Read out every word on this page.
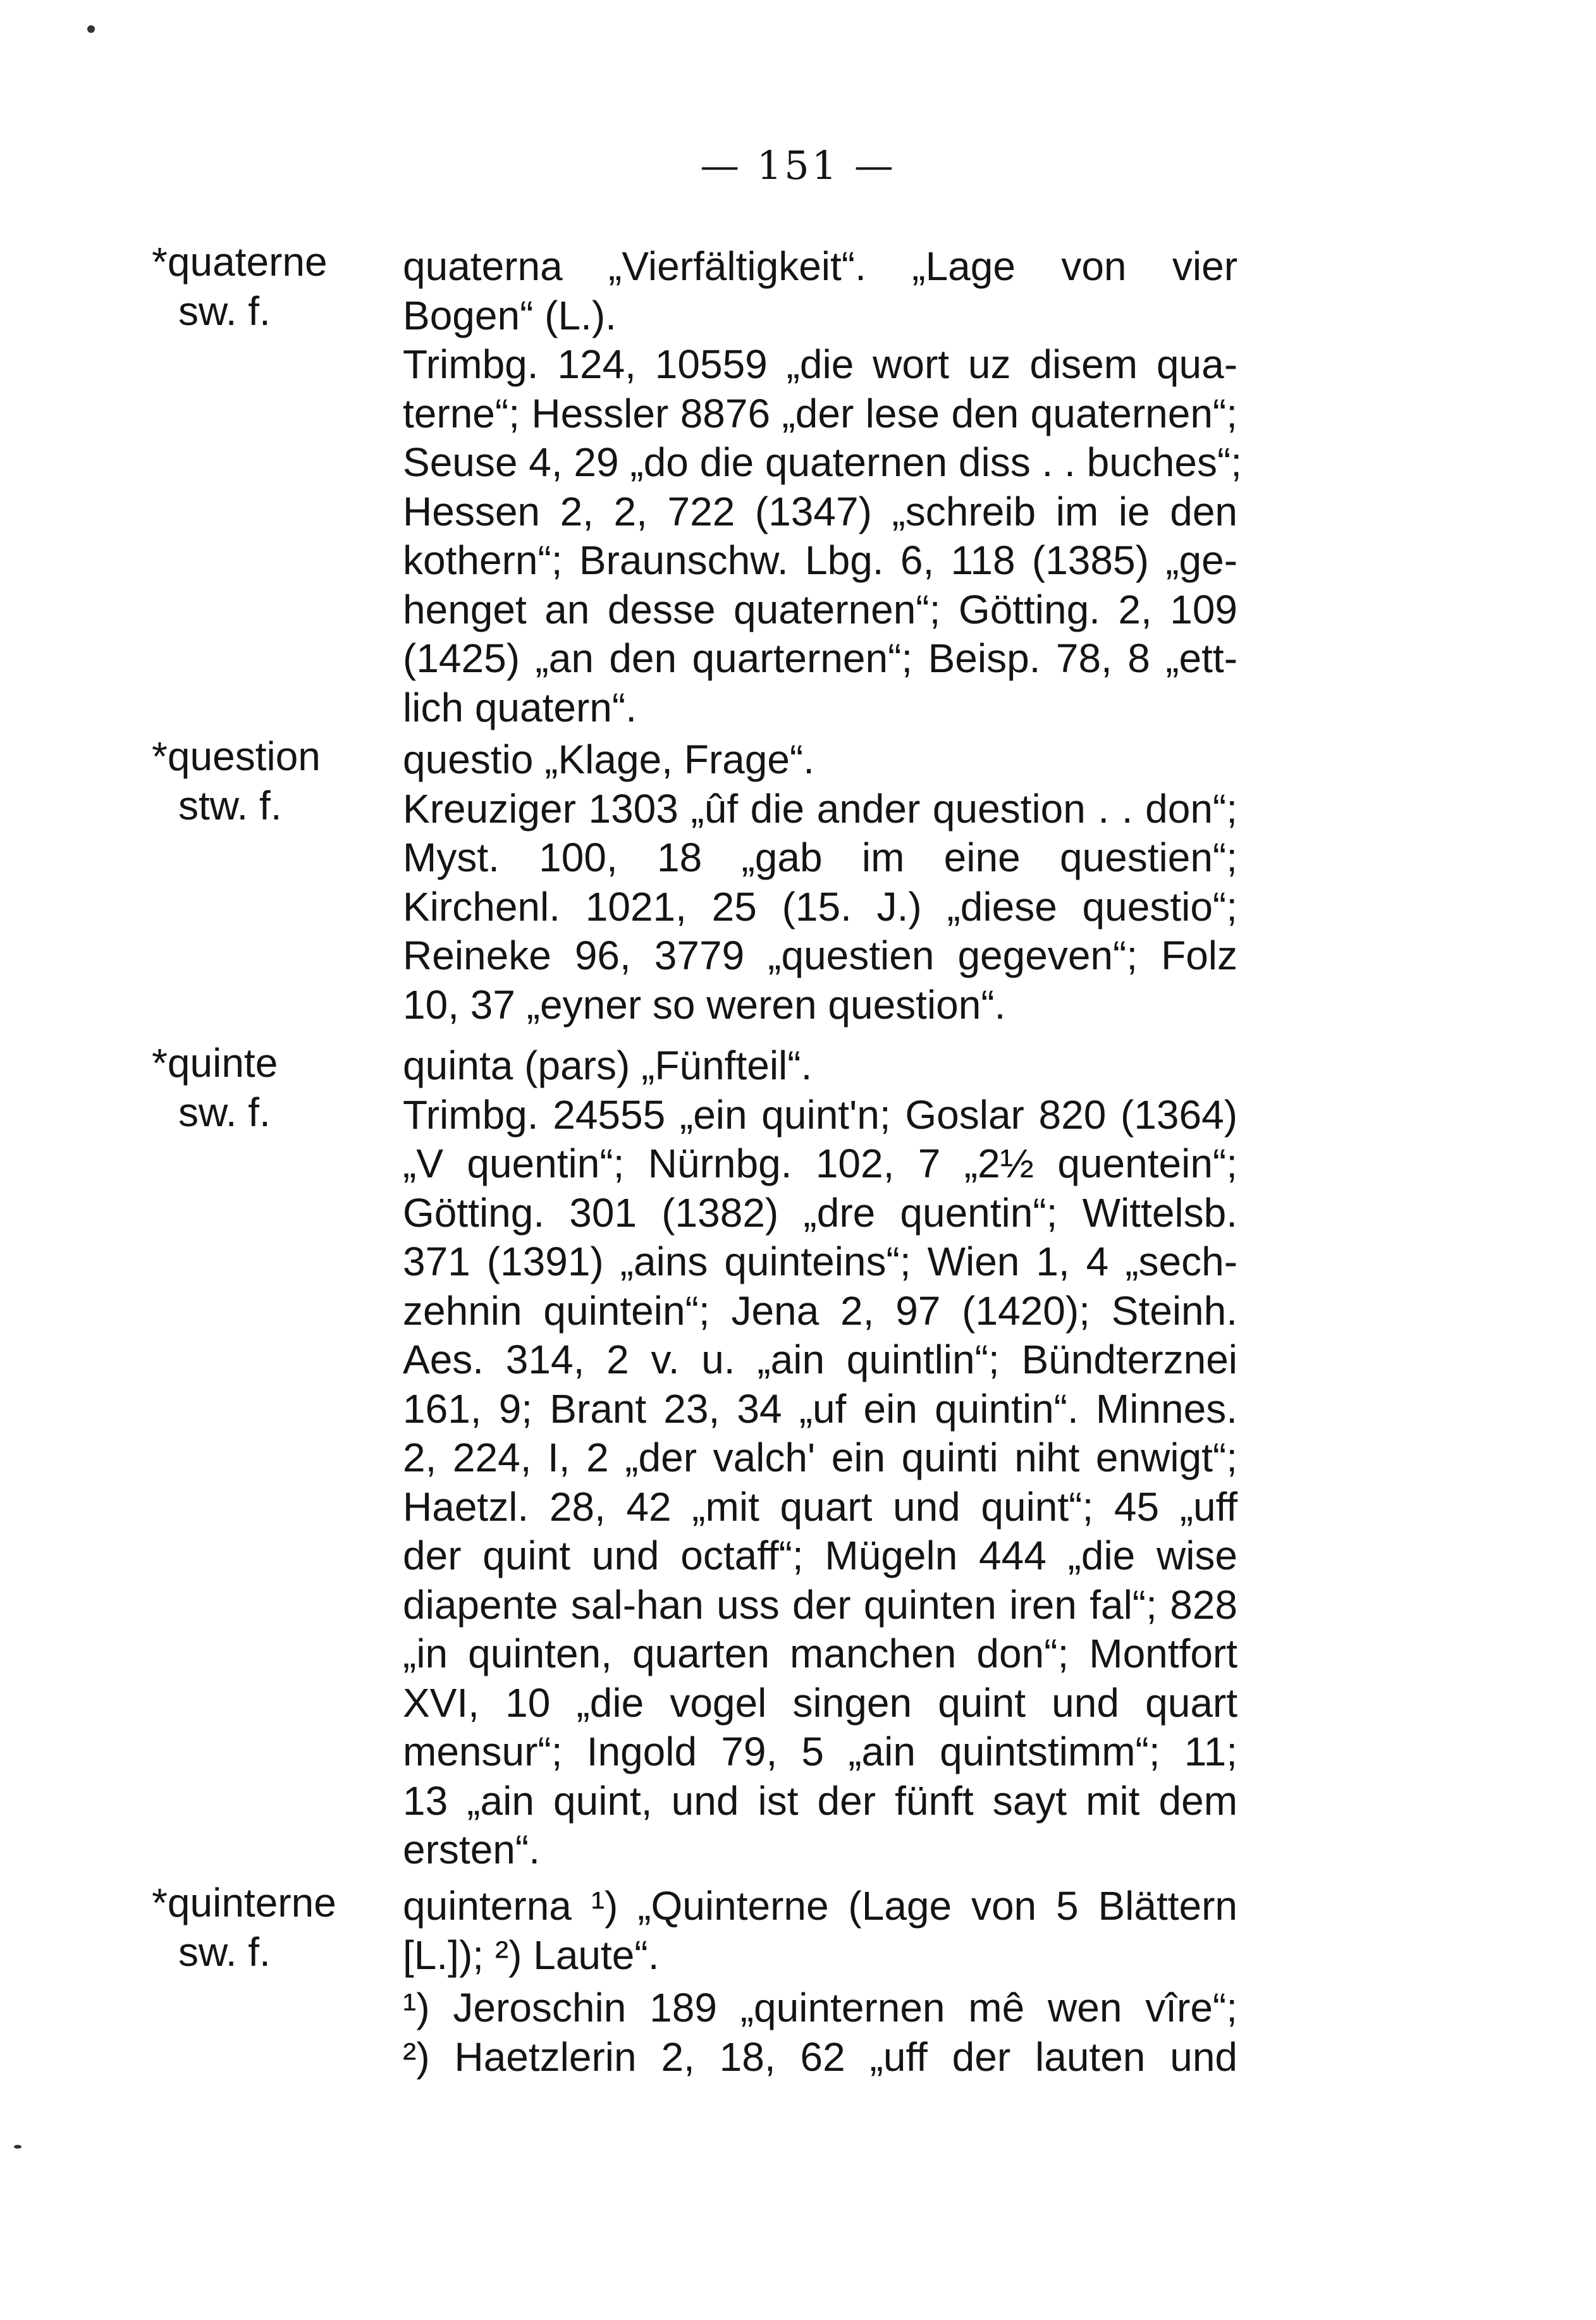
— 151 —
*quaterne
sw. f.
quaterna „Vierfältigkeit“. „Lage von vier
Bogen“ (L.).
Trimbg. 124, 10559 „die wort uz disem qua-
terne“; Hessler 8876 „der lese den quaternen“;
Seuse 4, 29 „do die quaternen diss . . buches“;
Hessen 2, 2, 722 (1347) „schreib im ie den
kothern“; Braunschw. Lbg. 6, 118 (1385) „ge-
henget an desse quaternen“; Götting. 2, 109
(1425) „an den quarternen“; Beisp. 78, 8 „ett-
lich quatern“.
*question
stw. f.
questio „Klage, Frage“.
Kreuziger 1303 „ûf die ander question . . don“;
Myst. 100, 18 „gab im eine questien“;
Kirchenl. 1021, 25 (15. J.) „diese questio“;
Reineke 96, 3779 „questien gegeven“; Folz
10, 37 „eyner so weren question“.
*quinte
sw. f.
quinta (pars) „Fünfteil“.
Trimbg. 24555 „ein quint'n; Goslar 820 (1364)
„V quentin“; Nürnbg. 102, 7 „2½ quentein“;
Götting. 301 (1382) „dre quentin“; Wittelsb.
371 (1391) „ains quinteins“; Wien 1, 4 „sech-
zehnin quintein“; Jena 2, 97 (1420); Steinh.
Aes. 314, 2 v. u. „ain quintlin“; Bündterznei
161, 9; Brant 23, 34 „uf ein quintin“. Minnes.
2, 224, I, 2 „der valch' ein quinti niht enwigt“;
Haetzl. 28, 42 „mit quart und quint“; 45 „uff
der quint und octaff“; Mügeln 444 „die wise
diapente sal-han uss der quinten iren fal“; 828
„in quinten, quarten manchen don“; Montfort
XVI, 10 „die vogel singen quint und quart
mensur“; Ingold 79, 5 „ain quintstimm“; 11;
13 „ain quint, und ist der fünft sayt mit dem
ersten“.
*quinterne
sw. f.
quinterna ¹) „Quinterne (Lage von 5 Blättern
[L.]); ²) Laute“.
¹) Jeroschin 189 „quinternen mê wen vîre“;
²) Haetzlerin 2, 18, 62 „uff der lauten und
